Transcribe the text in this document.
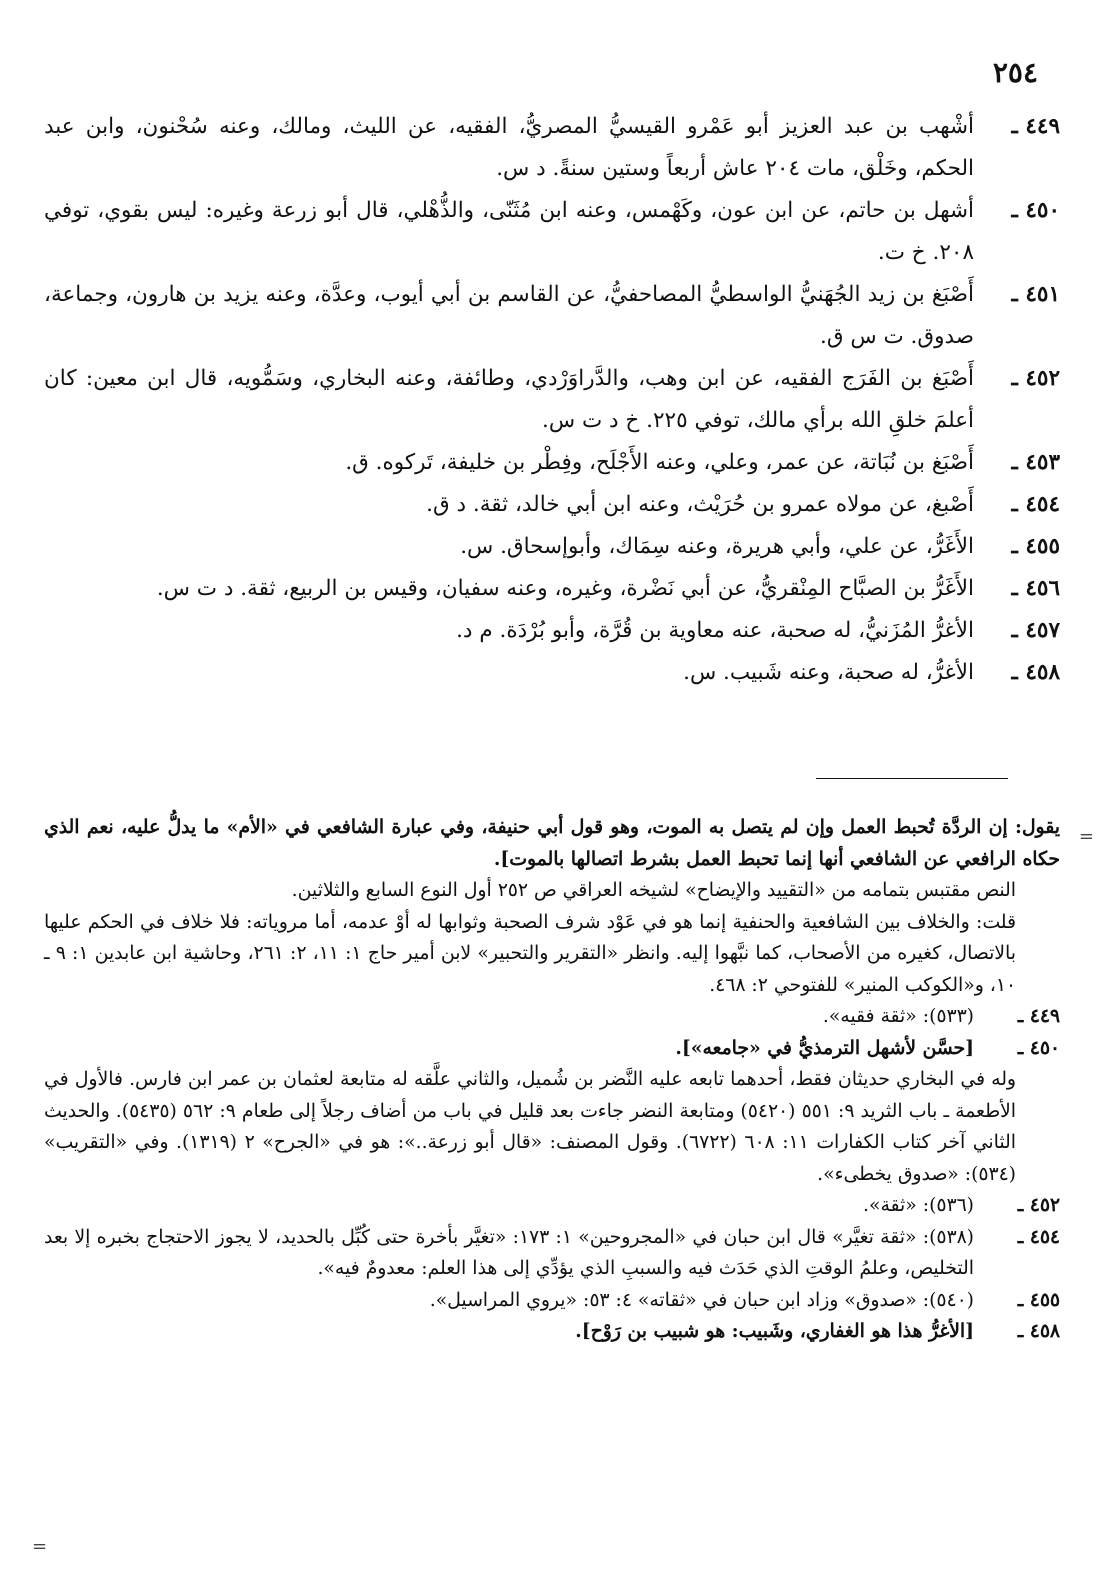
٢٥٤
٤٤٩ ـ
أشْهب بن عبد العزيز أبو عَمْرو القيسيُّ المصريُّ، الفقيه، عن الليث، ومالك، وعنه سُحْنون، وابن عبد الحكم، وخَلْق، مات ٢٠٤ عاش أربعاً وستين سنةً. د س.
٤٥٠ ـ
أشهل بن حاتم، عن ابن عون، وكَهْمس، وعنه ابن مُثَنّى، والذُّهْلي، قال أبو زرعة وغيره: ليس بقوي، توفي ٢٠٨. خ ت.
٤٥١ ـ
أَصْبَغ بن زيد الجُهَنيُّ الواسطيُّ المصاحفيُّ، عن القاسم بن أبي أيوب، وعدَّة، وعنه يزيد بن هارون، وجماعة، صدوق. ت س ق.
٤٥٢ ـ
أَصْبَغ بن الفَرَج الفقيه، عن ابن وهب، والدَّراوَرْدي، وطائفة، وعنه البخاري، وسَمُّويه، قال ابن معين: كان أعلمَ خلقِ الله برأي مالك، توفي ٢٢٥. خ د ت س.
٤٥٣ ـ
أَصْبَغ بن نُبَاتة، عن عمر، وعلي، وعنه الأَجْلَح، وفِطْر بن خليفة، تَركوه. ق.
٤٥٤ ـ
أَصْبغ، عن مولاه عمرو بن حُرَيْث، وعنه ابن أبي خالد، ثقة. د ق.
٤٥٥ ـ
الأَغَرُّ، عن علي، وأبي هريرة، وعنه سِمَاك، وأبوإسحاق. س.
٤٥٦ ـ
الأَغَرُّ بن الصبَّاح المِنْقريُّ، عن أبي نَضْرة، وغيره، وعنه سفيان، وقيس بن الربيع، ثقة. د ت س.
٤٥٧ ـ
الأغرُّ المُزَنيُّ، له صحبة، عنه معاوية بن قُرَّة، وأبو بُرْدَة. م د.
٤٥٨ ـ
الأغرُّ، له صحبة، وعنه شَبيب. س.
يقول: إن الردَّة تُحبط العمل وإن لم يتصل به الموت، وهو قول أبي حنيفة، وفي عبارة الشافعي في «الأم» ما يدلُّ عليه، نعم الذي حكاه الرافعي عن الشافعي أنها إنما تحبط العمل بشرط اتصالها بالموت].
النص مقتبس بتمامه من «التقييد والإيضاح» لشيخه العراقي ص ٢٥٢ أول النوع السابع والثلاثين.
قلت: والخلاف بين الشافعية والحنفية إنما هو في عَوْد شرف الصحبة وثوابها له أوْ عدمه، أما مروياته: فلا خلاف في الحكم عليها بالاتصال، كغيره من الأصحاب، كما نبَّهوا إليه. وانظر «التقرير والتحبير» لابن أمير حاج ١: ١١، ٢: ٢٦١، وحاشية ابن عابدين ١: ٩ ـ ١٠، و«الكوكب المنير» للفتوحي ٢: ٤٦٨.
٤٤٩ ـ
(٥٣٣): «ثقة فقيه».
٤٥٠ ـ
[حسَّن لأشهل الترمذيُّ في «جامعه»].
وله في البخاري حديثان فقط، أحدهما تابعه عليه النَّضر بن شُميل، والثاني علَّقه له متابعة لعثمان بن عمر ابن فارس. فالأول في الأطعمة ـ باب الثريد ٩: ٥٥١ (٥٤٢٠) ومتابعة النضر جاءت بعد قليل في باب من أضاف رجلاً إلى طعام ٩: ٥٦٢ (٥٤٣٥). والحديث الثاني آخر كتاب الكفارات ١١: ٦٠٨ (٦٧٢٢). وقول المصنف: «قال أبو زرعة..»: هو في «الجرح» ٢ (١٣١٩). وفي «التقريب» (٥٣٤): «صدوق يخطىء».
٤٥٢ ـ
(٥٣٦): «ثقة».
٤٥٤ ـ
(٥٣٨): «ثقة تغيَّر» قال ابن حبان في «المجروحين» ١: ١٧٣: «تغيَّر بأخرة حتى كُبِّل بالحديد، لا يجوز الاحتجاج بخبره إلا بعد التخليص، وعلمُ الوقتِ الذي حَدَث فيه والسببِ الذي يؤدِّي إلى هذا العلم: معدومٌ فيه».
٤٥٥ ـ
(٥٤٠): «صدوق» وزاد ابن حبان في «ثقاته» ٤: ٥٣: «يروي المراسيل».
٤٥٨ ـ
[الأغرُّ هذا هو الغفاري، وشَبيب: هو شبيب بن رَوْح].
=
=
